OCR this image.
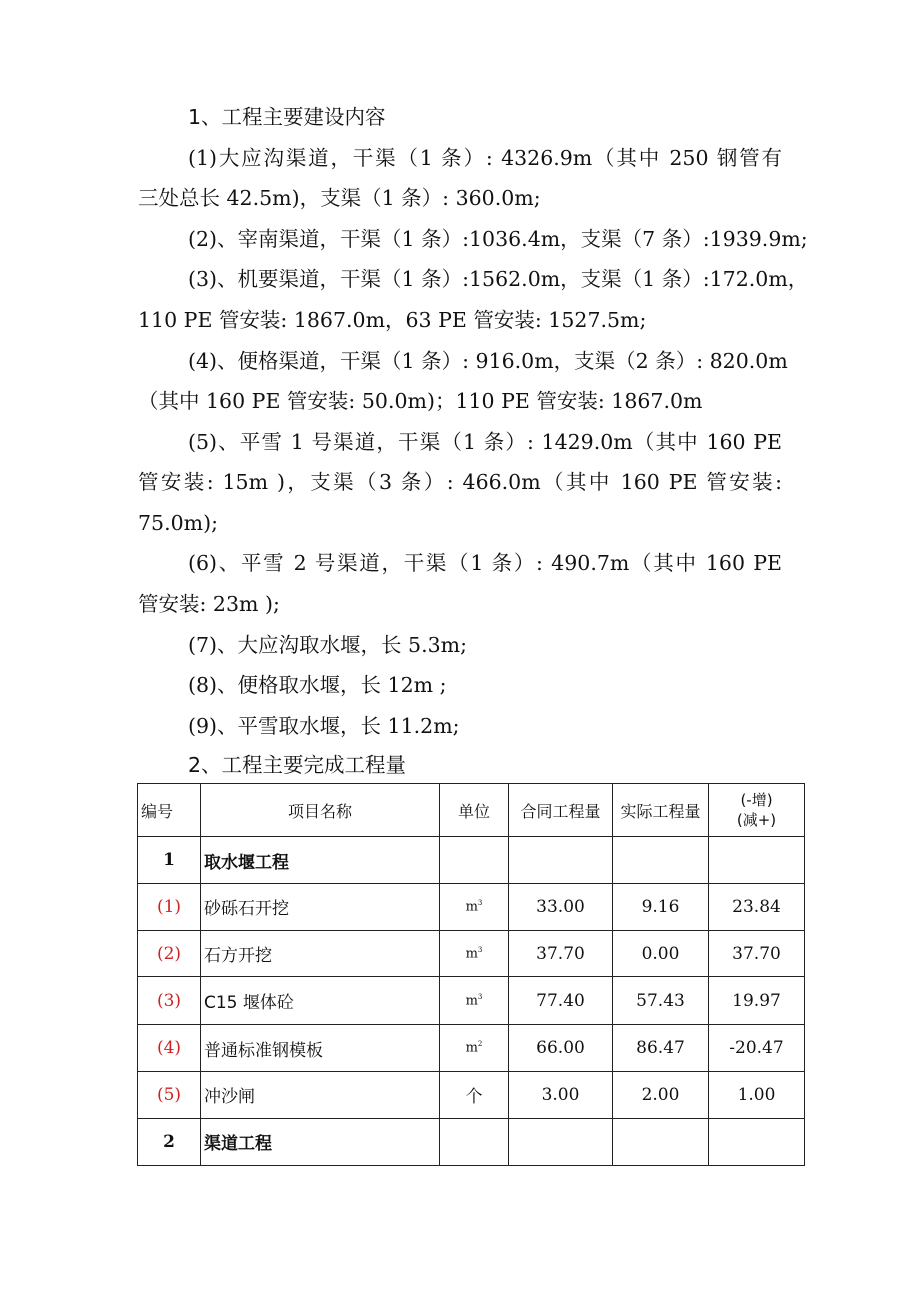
1、工程主要建设内容
(1)大应沟渠道，干渠（1 条）: 4326.9m（其中 250 钢管有
三处总长 42.5m)，支渠（1 条）: 360.0m;
(2)、宰南渠道，干渠（1 条）:1036.4m，支渠（7 条）:1939.9m;
(3)、机要渠道，干渠（1 条）:1562.0m，支渠（1 条）:172.0m，
110 PE 管安装: 1867.0m，63 PE 管安装: 1527.5m;
(4)、便格渠道，干渠（1 条）: 916.0m，支渠（2 条）: 820.0m
（其中 160 PE 管安装: 50.0m)；110 PE 管安装: 1867.0m
(5)、平雪 1 号渠道，干渠（1 条）: 1429.0m（其中 160 PE
管安装: 15m )，支渠（3 条）: 466.0m（其中 160 PE 管安装:
75.0m);
(6)、平雪 2 号渠道，干渠（1 条）: 490.7m（其中 160 PE
管安装: 23m );
(7)、大应沟取水堰，长 5.3m;
(8)、便格取水堰，长 12m ;
(9)、平雪取水堰，长 11.2m;
2、工程主要完成工程量
编号	项目名称	单位	合同工程量	实际工程量	(-增)
(减+)

1	取水堰工程				
(1)	砂砾石开挖	$m^3$	33.00	9.16	23.84
(2)	石方开挖	$m^3$	37.70	0.00	37.70
(3)	C15 堰体砼	$m^3$	77.40	57.43	19.97
(4)	普通标准钢模板	$m^2$	66.00	86.47	-20.47
(5)	冲沙闸	个	3.00	2.00	1.00
2	渠道工程				
